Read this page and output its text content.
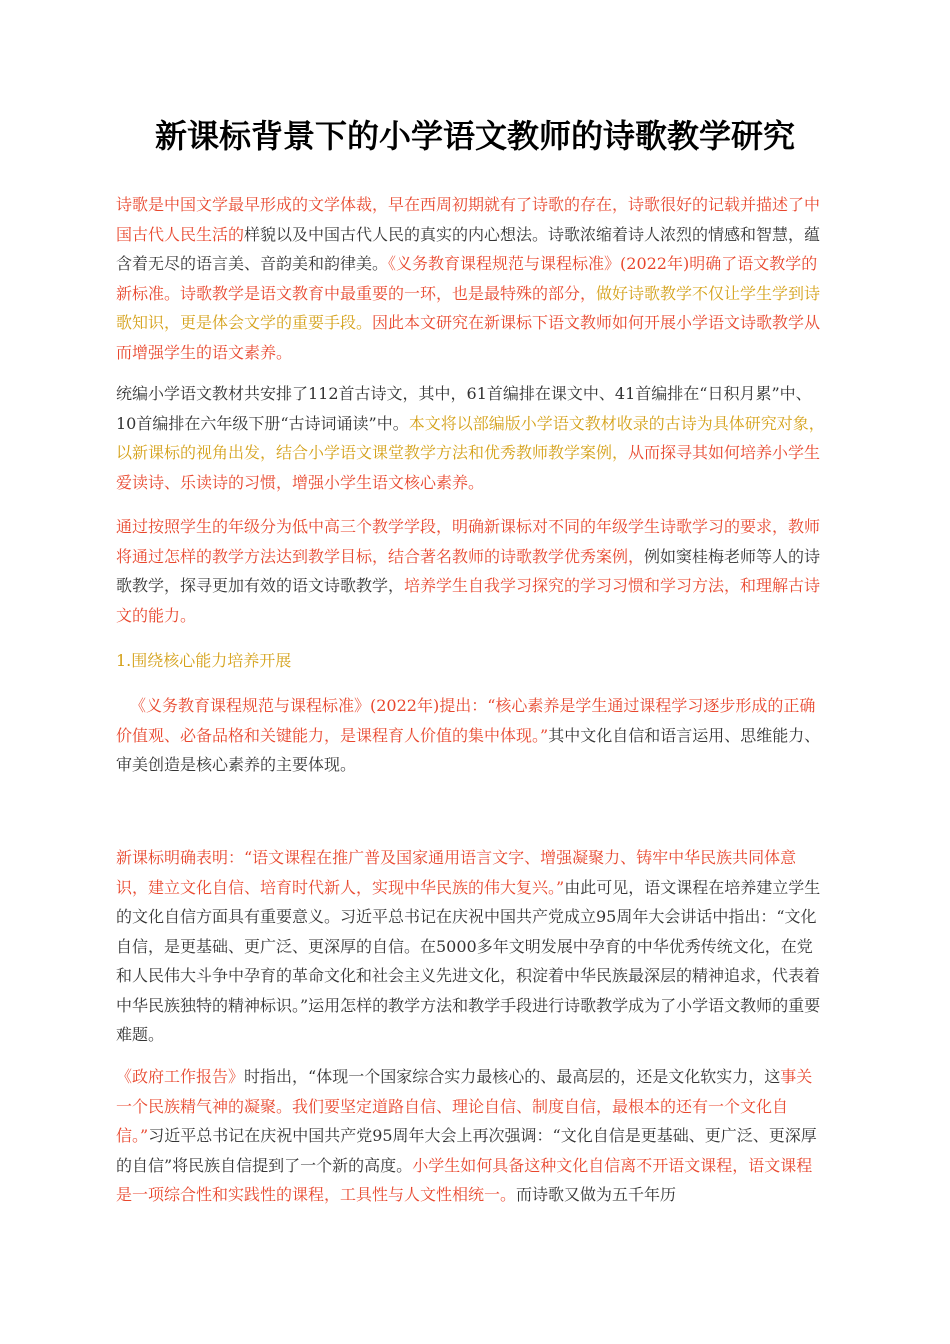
新课标背景下的小学语文教师的诗歌教学研究

诗歌是中国文学最早形成的文学体裁，早在西周初期就有了诗歌的存在，诗歌很好的记载并描述了中国古代人民生活的样貌以及中国古代人民的真实的内心想法。诗歌浓缩着诗人浓烈的情感和智慧，蕴含着无尽的语言美、音韵美和韵律美。《义务教育课程规范与课程标准》(2022年)明确了语文教学的新标准。诗歌教学是语文教育中最重要的一环，也是最特殊的部分，做好诗歌教学不仅让学生学到诗歌知识，更是体会文学的重要手段。因此本文研究在新课标下语文教师如何开展小学语文诗歌教学从而增强学生的语文素养。

统编小学语文教材共安排了112首古诗文，其中，61首编排在课文中、41首编排在“日积月累”中、10首编排在六年级下册“古诗词诵读”中。本文将以部编版小学语文教材收录的古诗为具体研究对象，以新课标的视角出发，结合小学语文课堂教学方法和优秀教师教学案例，从而探寻其如何培养小学生爱读诗、乐读诗的习惯，增强小学生语文核心素养。

通过按照学生的年级分为低中高三个教学学段，明确新课标对不同的年级学生诗歌学习的要求，教师将通过怎样的教学方法达到教学目标，结合著名教师的诗歌教学优秀案例，例如窦桂梅老师等人的诗歌教学，探寻更加有效的语文诗歌教学，培养学生自我学习探究的学习习惯和学习方法，和理解古诗文的能力。

1.围绕核心能力培养开展

《义务教育课程规范与课程标准》(2022年)提出：“核心素养是学生通过课程学习逐步形成的正确价值观、必备品格和关键能力，是课程育人价值的集中体现。”其中文化自信和语言运用、思维能力、审美创造是核心素养的主要体现。

新课标明确表明：“语文课程在推广普及国家通用语言文字、增强凝聚力、铸牢中华民族共同体意识，建立文化自信、培育时代新人，实现中华民族的伟大复兴。”由此可见，语文课程在培养建立学生的文化自信方面具有重要意义。习近平总书记在庆祝中国共产党成立95周年大会讲话中指出：“文化自信，是更基础、更广泛、更深厚的自信。在5000多年文明发展中孕育的中华优秀传统文化，在党和人民伟大斗争中孕育的革命文化和社会主义先进文化，积淀着中华民族最深层的精神追求，代表着中华民族独特的精神标识。”运用怎样的教学方法和教学手段进行诗歌教学成为了小学语文教师的重要难题。

《政府工作报告》时指出，“体现一个国家综合实力最核心的、最高层的，还是文化软实力，这事关一个民族精气神的凝聚。我们要坚定道路自信、理论自信、制度自信，最根本的还有一个文化自信。”习近平总书记在庆祝中国共产党95周年大会上再次强调：“文化自信是更基础、更广泛、更深厚的自信”将民族自信提到了一个新的高度。小学生如何具备这种文化自信离不开语文课程，语文课程是一项综合性和实践性的课程，工具性与人文性相统一。而诗歌又做为五千年历
